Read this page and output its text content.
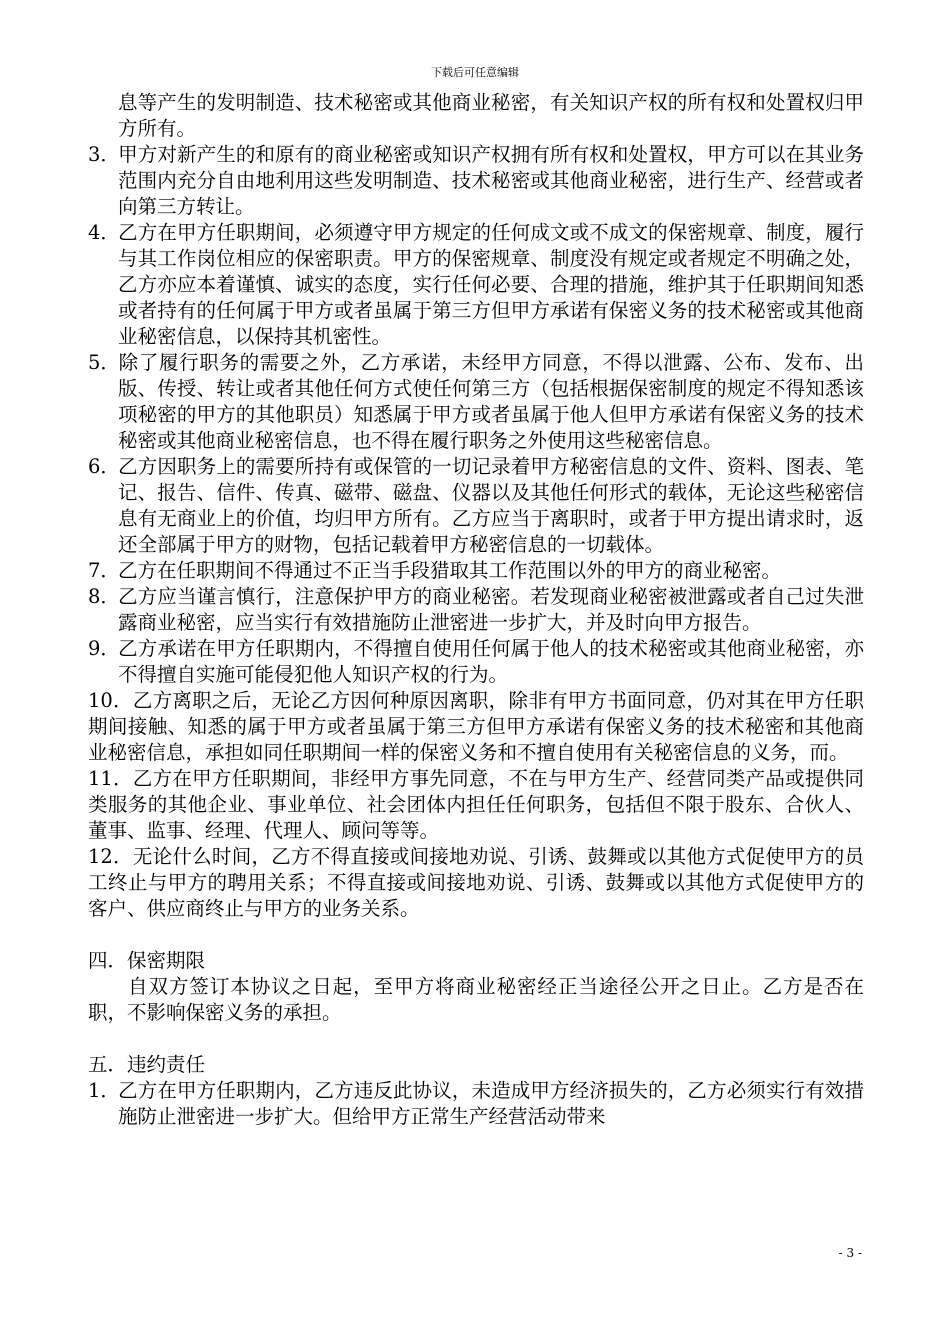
下载后可任意编辑

息等产生的发明制造、技术秘密或其他商业秘密，有关知识产权的所有权和处置权归甲方所有。

3．甲方对新产生的和原有的商业秘密或知识产权拥有所有权和处置权，甲方可以在其业务范围内充分自由地利用这些发明制造、技术秘密或其他商业秘密，进行生产、经营或者向第三方转让。

4．乙方在甲方任职期间，必须遵守甲方规定的任何成文或不成文的保密规章、制度，履行与其工作岗位相应的保密职责。甲方的保密规章、制度没有规定或者规定不明确之处，乙方亦应本着谨慎、诚实的态度，实行任何必要、合理的措施，维护其于任职期间知悉或者持有的任何属于甲方或者虽属于第三方但甲方承诺有保密义务的技术秘密或其他商业秘密信息，以保持其机密性。

5．除了履行职务的需要之外，乙方承诺，未经甲方同意，不得以泄露、公布、发布、出版、传授、转让或者其他任何方式使任何第三方（包括根据保密制度的规定不得知悉该项秘密的甲方的其他职员）知悉属于甲方或者虽属于他人但甲方承诺有保密义务的技术秘密或其他商业秘密信息，也不得在履行职务之外使用这些秘密信息。

6．乙方因职务上的需要所持有或保管的一切记录着甲方秘密信息的文件、资料、图表、笔记、报告、信件、传真、磁带、磁盘、仪器以及其他任何形式的载体，无论这些秘密信息有无商业上的价值，均归甲方所有。乙方应当于离职时，或者于甲方提出请求时，返还全部属于甲方的财物，包括记载着甲方秘密信息的一切载体。

7．乙方在任职期间不得通过不正当手段猎取其工作范围以外的甲方的商业秘密。

8．乙方应当谨言慎行，注意保护甲方的商业秘密。若发现商业秘密被泄露或者自己过失泄露商业秘密，应当实行有效措施防止泄密进一步扩大，并及时向甲方报告。

9．乙方承诺在甲方任职期内，不得擅自使用任何属于他人的技术秘密或其他商业秘密，亦不得擅自实施可能侵犯他人知识产权的行为。

10．乙方离职之后，无论乙方因何种原因离职，除非有甲方书面同意，仍对其在甲方任职期间接触、知悉的属于甲方或者虽属于第三方但甲方承诺有保密义务的技术秘密和其他商业秘密信息，承担如同任职期间一样的保密义务和不擅自使用有关秘密信息的义务，而。

11．乙方在甲方任职期间，非经甲方事先同意，不在与甲方生产、经营同类产品或提供同类服务的其他企业、事业单位、社会团体内担任任何职务，包括但不限于股东、合伙人、董事、监事、经理、代理人、顾问等等。

12．无论什么时间，乙方不得直接或间接地劝说、引诱、鼓舞或以其他方式促使甲方的员工终止与甲方的聘用关系；不得直接或间接地劝说、引诱、鼓舞或以其他方式促使甲方的客户、供应商终止与甲方的业务关系。

四．保密期限

自双方签订本协议之日起，至甲方将商业秘密经正当途径公开之日止。乙方是否在职，不影响保密义务的承担。

五．违约责任

1．乙方在甲方任职期内，乙方违反此协议，未造成甲方经济损失的，乙方必须实行有效措施防止泄密进一步扩大。但给甲方正常生产经营活动带来

- 3 -
